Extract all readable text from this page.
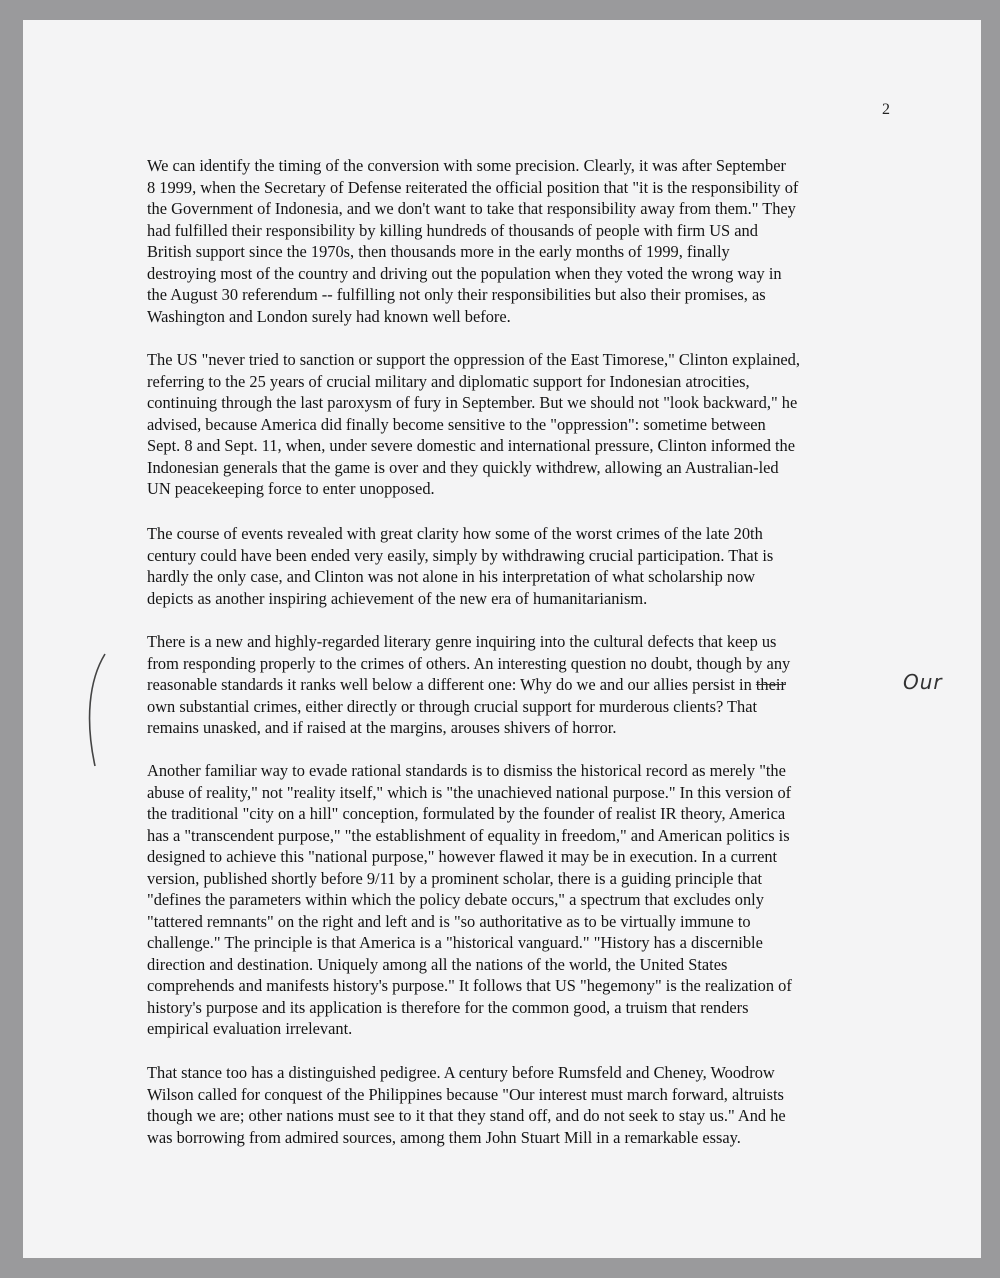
2
Our

We can identify the timing of the conversion with some precision. Clearly, it was after September
8 1999, when the Secretary of Defense reiterated the official position that "it is the responsibility of
the Government of Indonesia, and we don't want to take that responsibility away from them." They
had fulfilled their responsibility by killing hundreds of thousands of people with firm US and
British support since the 1970s, then thousands more in the early months of 1999, finally
destroying most of the country and driving out the population when they voted the wrong way in
the August 30 referendum -- fulfilling not only their responsibilities but also their promises, as
Washington and London surely had known well before.

The US "never tried to sanction or support the oppression of the East Timorese," Clinton explained,
referring to the 25 years of crucial military and diplomatic support for Indonesian atrocities,
continuing through the last paroxysm of fury in September. But we should not "look backward," he
advised, because America did finally become sensitive to the "oppression": sometime between
Sept. 8 and Sept. 11, when, under severe domestic and international pressure, Clinton informed the
Indonesian generals that the game is over and they quickly withdrew, allowing an Australian-led
UN peacekeeping force to enter unopposed.

The course of events revealed with great clarity how some of the worst crimes of the late 20th
century could have been ended very easily, simply by withdrawing crucial participation. That is
hardly the only case, and Clinton was not alone in his interpretation of what scholarship now
depicts as another inspiring achievement of the new era of humanitarianism.

There is a new and highly-regarded literary genre inquiring into the cultural defects that keep us
from responding properly to the crimes of others. An interesting question no doubt, though by any
reasonable standards it ranks well below a different one: Why do we and our allies persist in their
own substantial crimes, either directly or through crucial support for murderous clients? That
remains unasked, and if raised at the margins, arouses shivers of horror.

Another familiar way to evade rational standards is to dismiss the historical record as merely "the
abuse of reality," not "reality itself," which is "the unachieved national purpose." In this version of
the traditional "city on a hill" conception, formulated by the founder of realist IR theory, America
has a "transcendent purpose," "the establishment of equality in freedom," and American politics is
designed to achieve this "national purpose," however flawed it may be in execution. In a current
version, published shortly before 9/11 by a prominent scholar, there is a guiding principle that
"defines the parameters within which the policy debate occurs," a spectrum that excludes only
"tattered remnants" on the right and left and is "so authoritative as to be virtually immune to
challenge." The principle is that America is a "historical vanguard." "History has a discernible
direction and destination. Uniquely among all the nations of the world, the United States
comprehends and manifests history's purpose." It follows that US "hegemony" is the realization of
history's purpose and its application is therefore for the common good, a truism that renders
empirical evaluation irrelevant.

That stance too has a distinguished pedigree. A century before Rumsfeld and Cheney, Woodrow
Wilson called for conquest of the Philippines because "Our interest must march forward, altruists
though we are; other nations must see to it that they stand off, and do not seek to stay us." And he
was borrowing from admired sources, among them John Stuart Mill in a remarkable essay.
